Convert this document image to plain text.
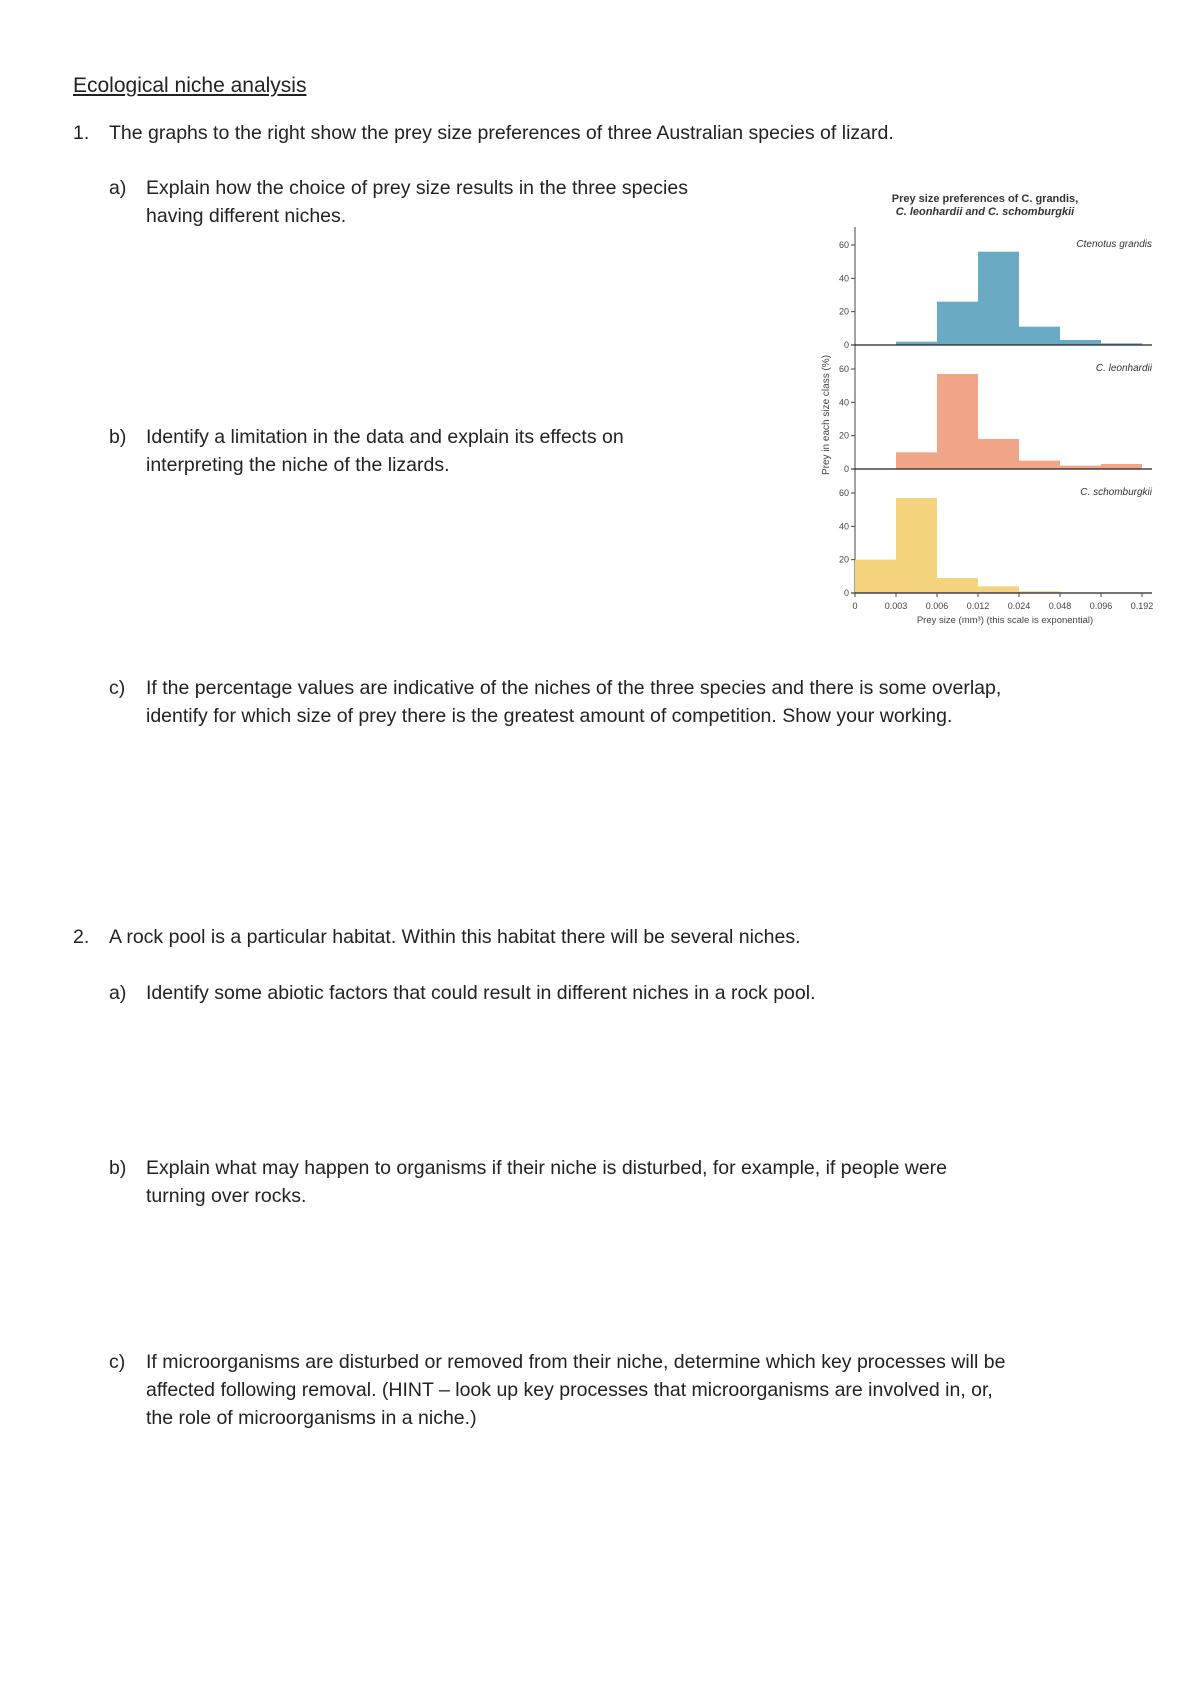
Ecological niche analysis
1. The graphs to the right show the prey size preferences of three Australian species of lizard.
a) Explain how the choice of prey size results in the three species
having different niches.
b) Identify a limitation in the data and explain its effects on
interpreting the niche of the lizards.
c) If the percentage values are indicative of the niches of the three species and there is some overlap,
identify for which size of prey there is the greatest amount of competition. Show your working.
2. A rock pool is a particular habitat. Within this habitat there will be several niches.
a) Identify some abiotic factors that could result in different niches in a rock pool.
b) Explain what may happen to organisms if their niche is disturbed, for example, if people were
turning over rocks.
c) If microorganisms are disturbed or removed from their niche, determine which key processes will be
affected following removal. (HINT – look up key processes that microorganisms are involved in, or,
the role of microorganisms in a niche.)
Prey size preferences of C. grandis,
C. leonhardii and C. schomburgkii
Prey in each size class (%)
0
20
40
60	Ctenotus grandis
0
20
40
60	C. leonhardii
0
20
40
60	C. schomburgkii
0	0.003 0.006 0.012 0.024 0.048 0.096 0.192
Prey size (mm³) (this scale is exponential)
